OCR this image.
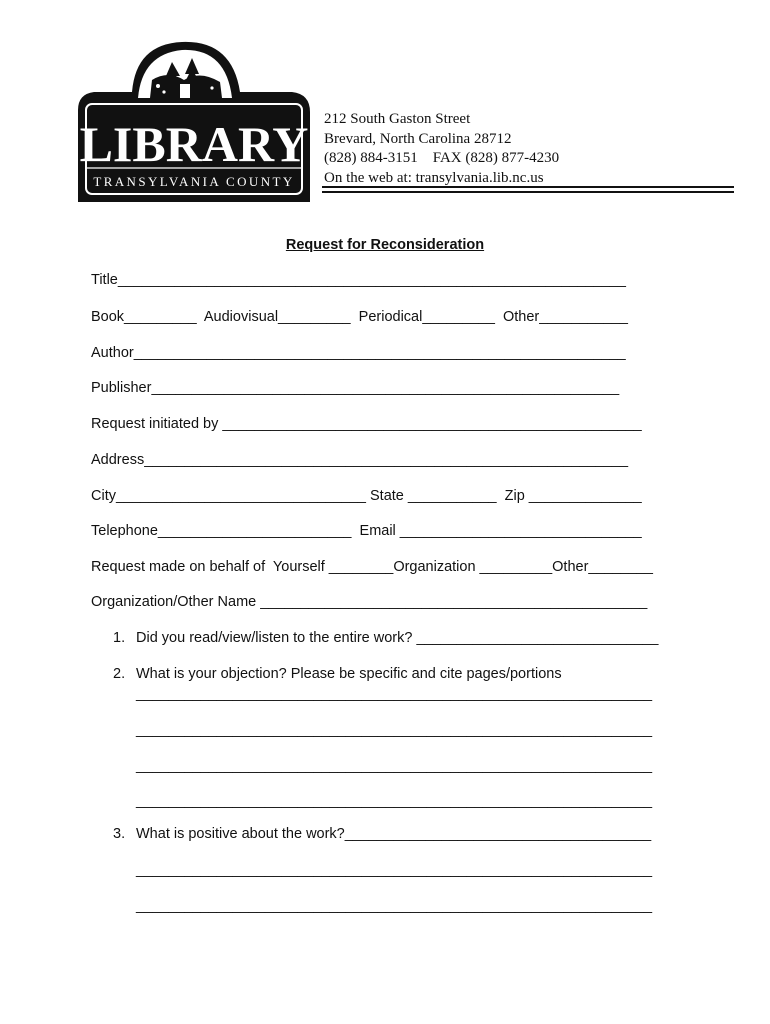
LIBRARY
TRANSYLVANIA COUNTY
212 South Gaston Street
Brevard, North Carolina 28712
(828) 884-3151    FAX (828) 877-4230
On the web at: transylvania.lib.nc.us
Request for Reconsideration
Title_______________________________________________________________
Book_________  Audiovisual_________  Periodical_________  Other___________
Author_____________________________________________________________
Publisher__________________________________________________________
Request initiated by ____________________________________________________
Address____________________________________________________________
City_______________________________ State ___________  Zip ______________
Telephone________________________  Email ______________________________
Request made on behalf of  Yourself ________Organization _________Other________
Organization/Other Name ________________________________________________
1. Did you read/view/listen to the entire work? ______________________________
2. What is your objection? Please be specific and cite pages/portions
________________________________________________________________
________________________________________________________________
________________________________________________________________
________________________________________________________________
3. What is positive about the work?______________________________________
________________________________________________________________
________________________________________________________________
